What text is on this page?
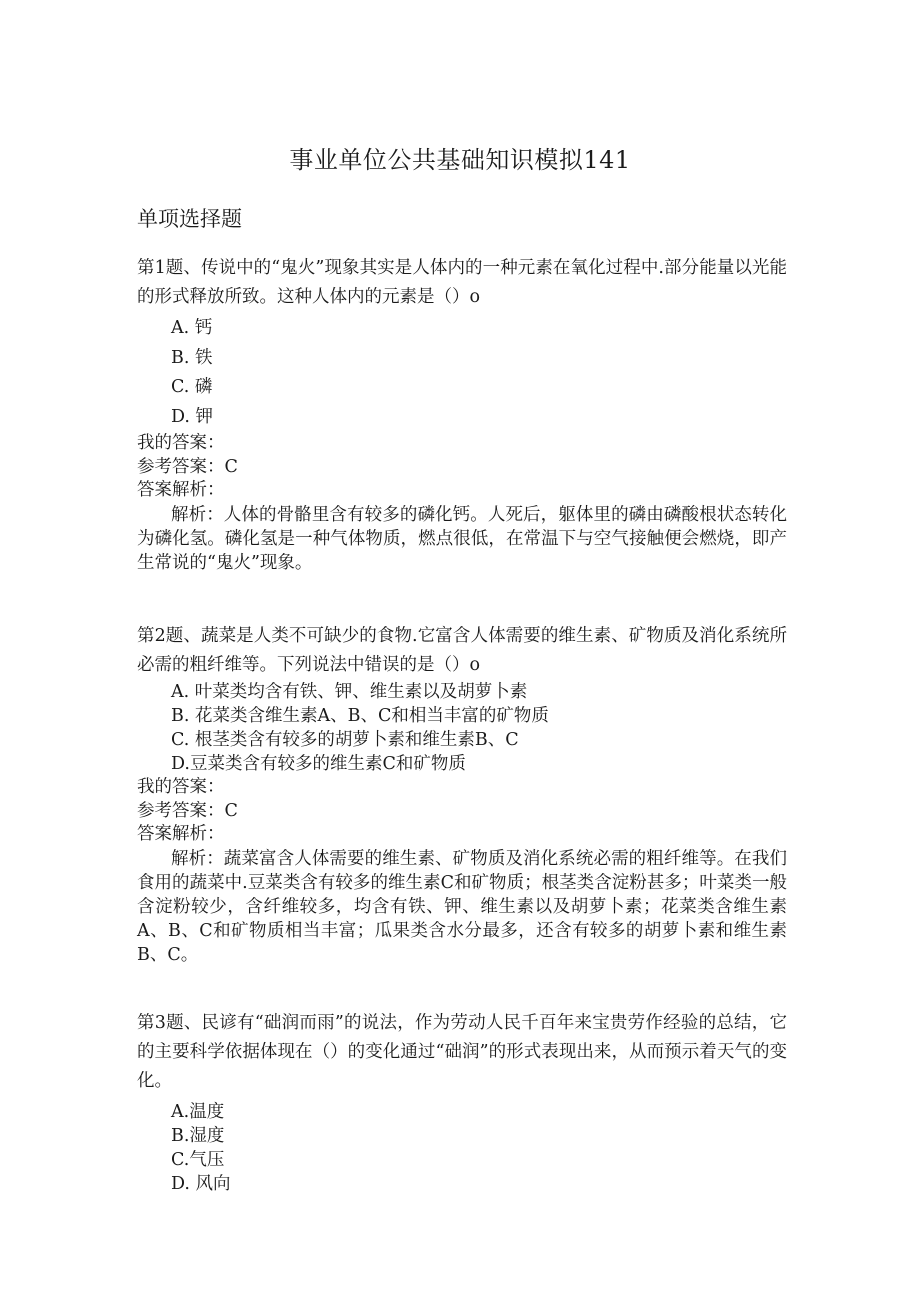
事业单位公共基础知识模拟141
单项选择题

第1题、传说中的“鬼火”现象其实是人体内的一种元素在氧化过程中.部分能量以光能的形式释放所致。这种人体内的元素是（）o

A. 钙

B. 铁

C. 磷

D. 钾

我的答案：

参考答案：C

答案解析：

解析：人体的骨骼里含有较多的磷化钙。人死后，躯体里的磷由磷酸根状态转化为磷化氢。磷化氢是一种气体物质，燃点很低，在常温下与空气接触便会燃烧，即产生常说的“鬼火”现象。

第2题、蔬菜是人类不可缺少的食物.它富含人体需要的维生素、矿物质及消化系统所必需的粗纤维等。下列说法中错误的是（）o

A. 叶菜类均含有铁、钾、维生素以及胡萝卜素

B. 花菜类含维生素A、B、C和相当丰富的矿物质

C. 根茎类含有较多的胡萝卜素和维生素B、C

D.豆菜类含有较多的维生素C和矿物质

我的答案：

参考答案：C

答案解析：

解析：蔬菜富含人体需要的维生素、矿物质及消化系统必需的粗纤维等。在我们食用的蔬菜中.豆菜类含有较多的维生素C和矿物质；根茎类含淀粉甚多；叶菜类一般含淀粉较少，含纤维较多，均含有铁、钾、维生素以及胡萝卜素；花菜类含维生素A、B、C和矿物质相当丰富；瓜果类含水分最多，还含有较多的胡萝卜素和维生素B、C。

第3题、民谚有“础润而雨”的说法，作为劳动人民千百年来宝贵劳作经验的总结，它的主要科学依据体现在（）的变化通过“础润”的形式表现出来，从而预示着天气的变化。

A.温度

B.湿度

C.气压

D. 风向
